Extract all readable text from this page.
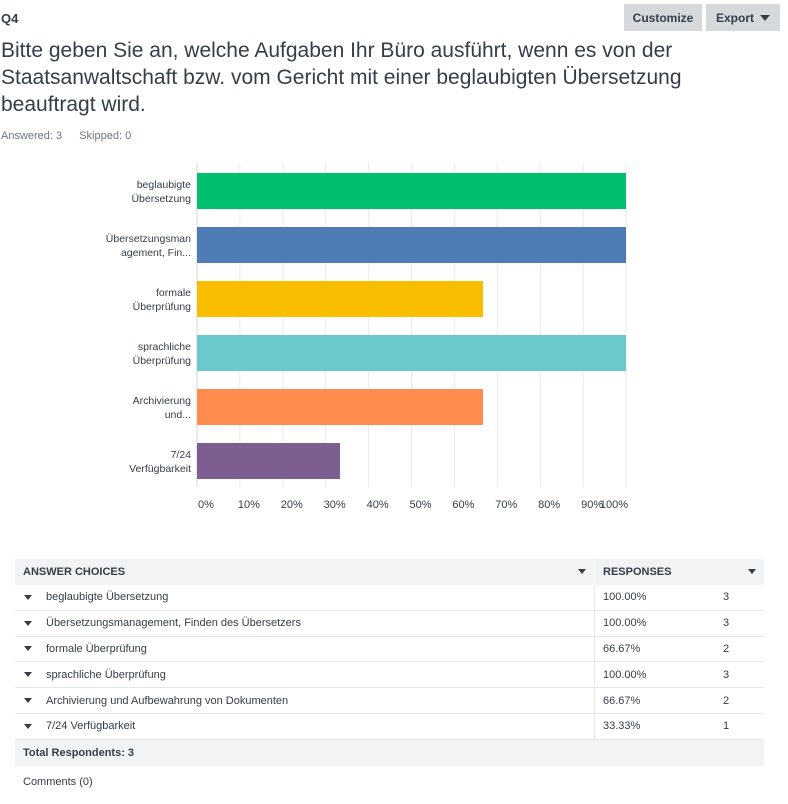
Q4	Customize Export
Bitte geben Sie an, welche Aufgaben Ihr Büro ausführt, wenn es von der Staatsanwaltschaft bzw. vom Gericht mit einer beglaubigten Übersetzung beauftragt wird.
Answered: 3 Skipped: 0
0% 10% 20% 30% 40% 50% 60% 70% 80% 90%
100%
beglaubigte
Übersetzung
Übersetzungsman
agement, Fin...
formale
Überprüfung
sprachliche
Überprüfung
Archivierung
und...
7/24
Verfügbarkeit
ANSWER CHOICES	RESPONSES
beglaubigte Übersetzung	100.00%	3
Übersetzungsmanagement, Finden des Übersetzers	100.00%	3
formale Überprüfung	66.67%	2
sprachliche Überprüfung	100.00%	3
Archivierung und Aufbewahrung von Dokumenten	66.67%	2
7/24 Verfügbarkeit	33.33%	1
Total Respondents: 3
Comments (0)
